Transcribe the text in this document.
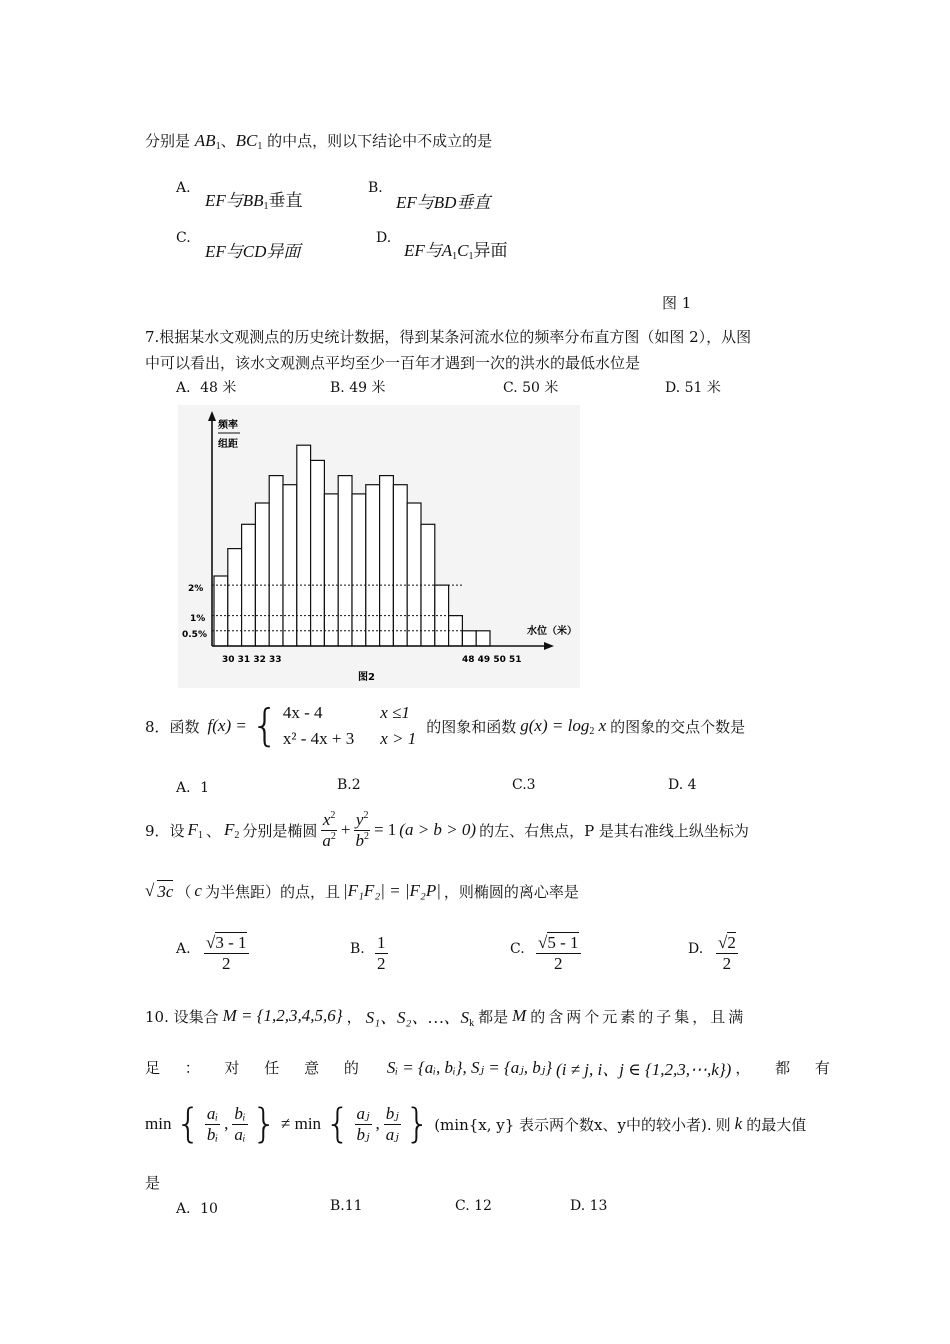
分别是 $AB_1$、$BC_1$ 的中点，则以下结论中不成立的是
A.
EF与$BB_1$垂直
B.
EF与BD垂直
C.
EF与CD异面
D.
EF与$A_1C_1$异面
图 1
7.根据某水文观测点的历史统计数据，得到某条河流水位的频率分布直方图（如图 2），从图
中可以看出，该水文观测点平均至少一百年才遇到一次的洪水的最低水位是
A．48 米	B. 49 米	C. 50 米	D. 51 米
频率
组距
2%
1%
0.5%
30 31 32 33	48 49 50 51
水位（米）
图2
8．函数 f(x) = { 4x - 4	x ≤1
x² - 4x + 3 x > 1
的图象和函数 $g(x) = \log_2 x$ 的图象的交点个数是
A．1	B.2	C.3	D. 4
9．设 $F_1$ 、 $F_2$ 分别是椭圆 $\frac{x^2}{a^2} + \frac{y^2}{b^2} = 1$ (a > b > 0) 的左、右焦点，P 是其右准线上纵坐标为
√ 3c （ c 为半焦距）的点，且 |F₁F₂| = |F₂P| ，则椭圆的离心率是
A. $\frac{√3 - 1}{2}$	B. $\frac{1}{2}$	C. $\frac{√5 - 1}{2}$	D. $\frac{√2}{2}$
10. 设集合 M = {1,2,3,4,5,6} ， S₁、S₂、…、$S_k$ 都是 M 的含两个元素的子集，且满
足 ： 对 任 意 的 Sᵢ = {aᵢ, bᵢ}, Sⱼ = {aⱼ, bⱼ} (i ≠ j, i、j ∈ {1,2,3,⋯,k}) ， 都 有
min { $\frac{\text{aᵢ}}{\text{bᵢ}}$ , $\frac{\text{bᵢ}}{\text{aᵢ}}$ } ≠ min { $\frac{\text{aⱼ}}{\text{bⱼ}}$ , $\frac{\text{bⱼ}}{\text{aⱼ}}$ } (min{x, y} 表示两个数x、y中的较小者). 则 k 的最大值
是
A．10	B.11	C. 12	D. 13
